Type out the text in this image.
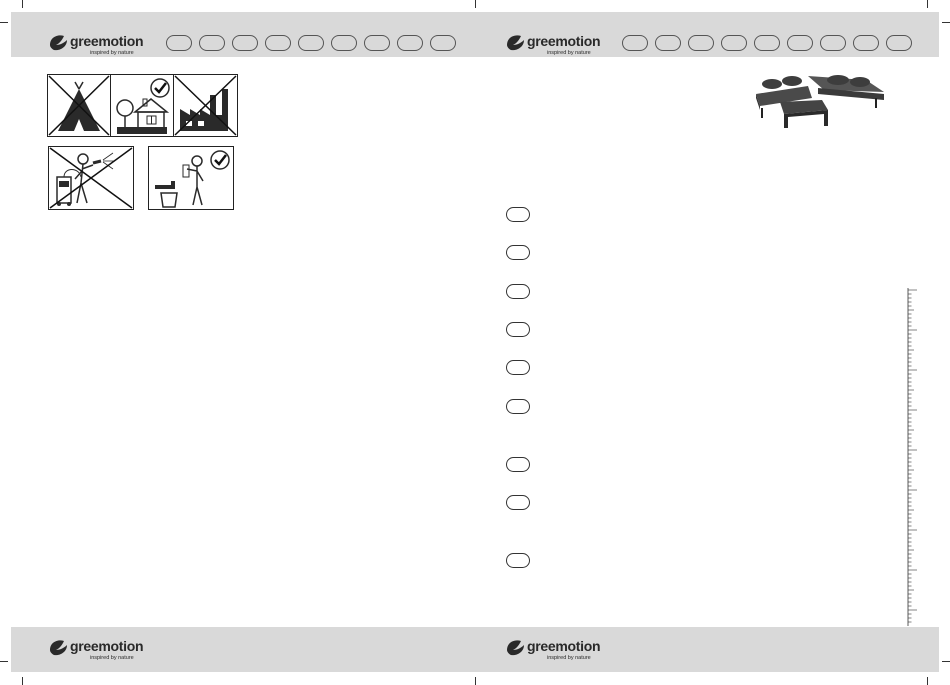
greemotion
inspired by nature
greemotion
inspired by nature
greemotion
inspired by nature
greemotion
inspired by nature
